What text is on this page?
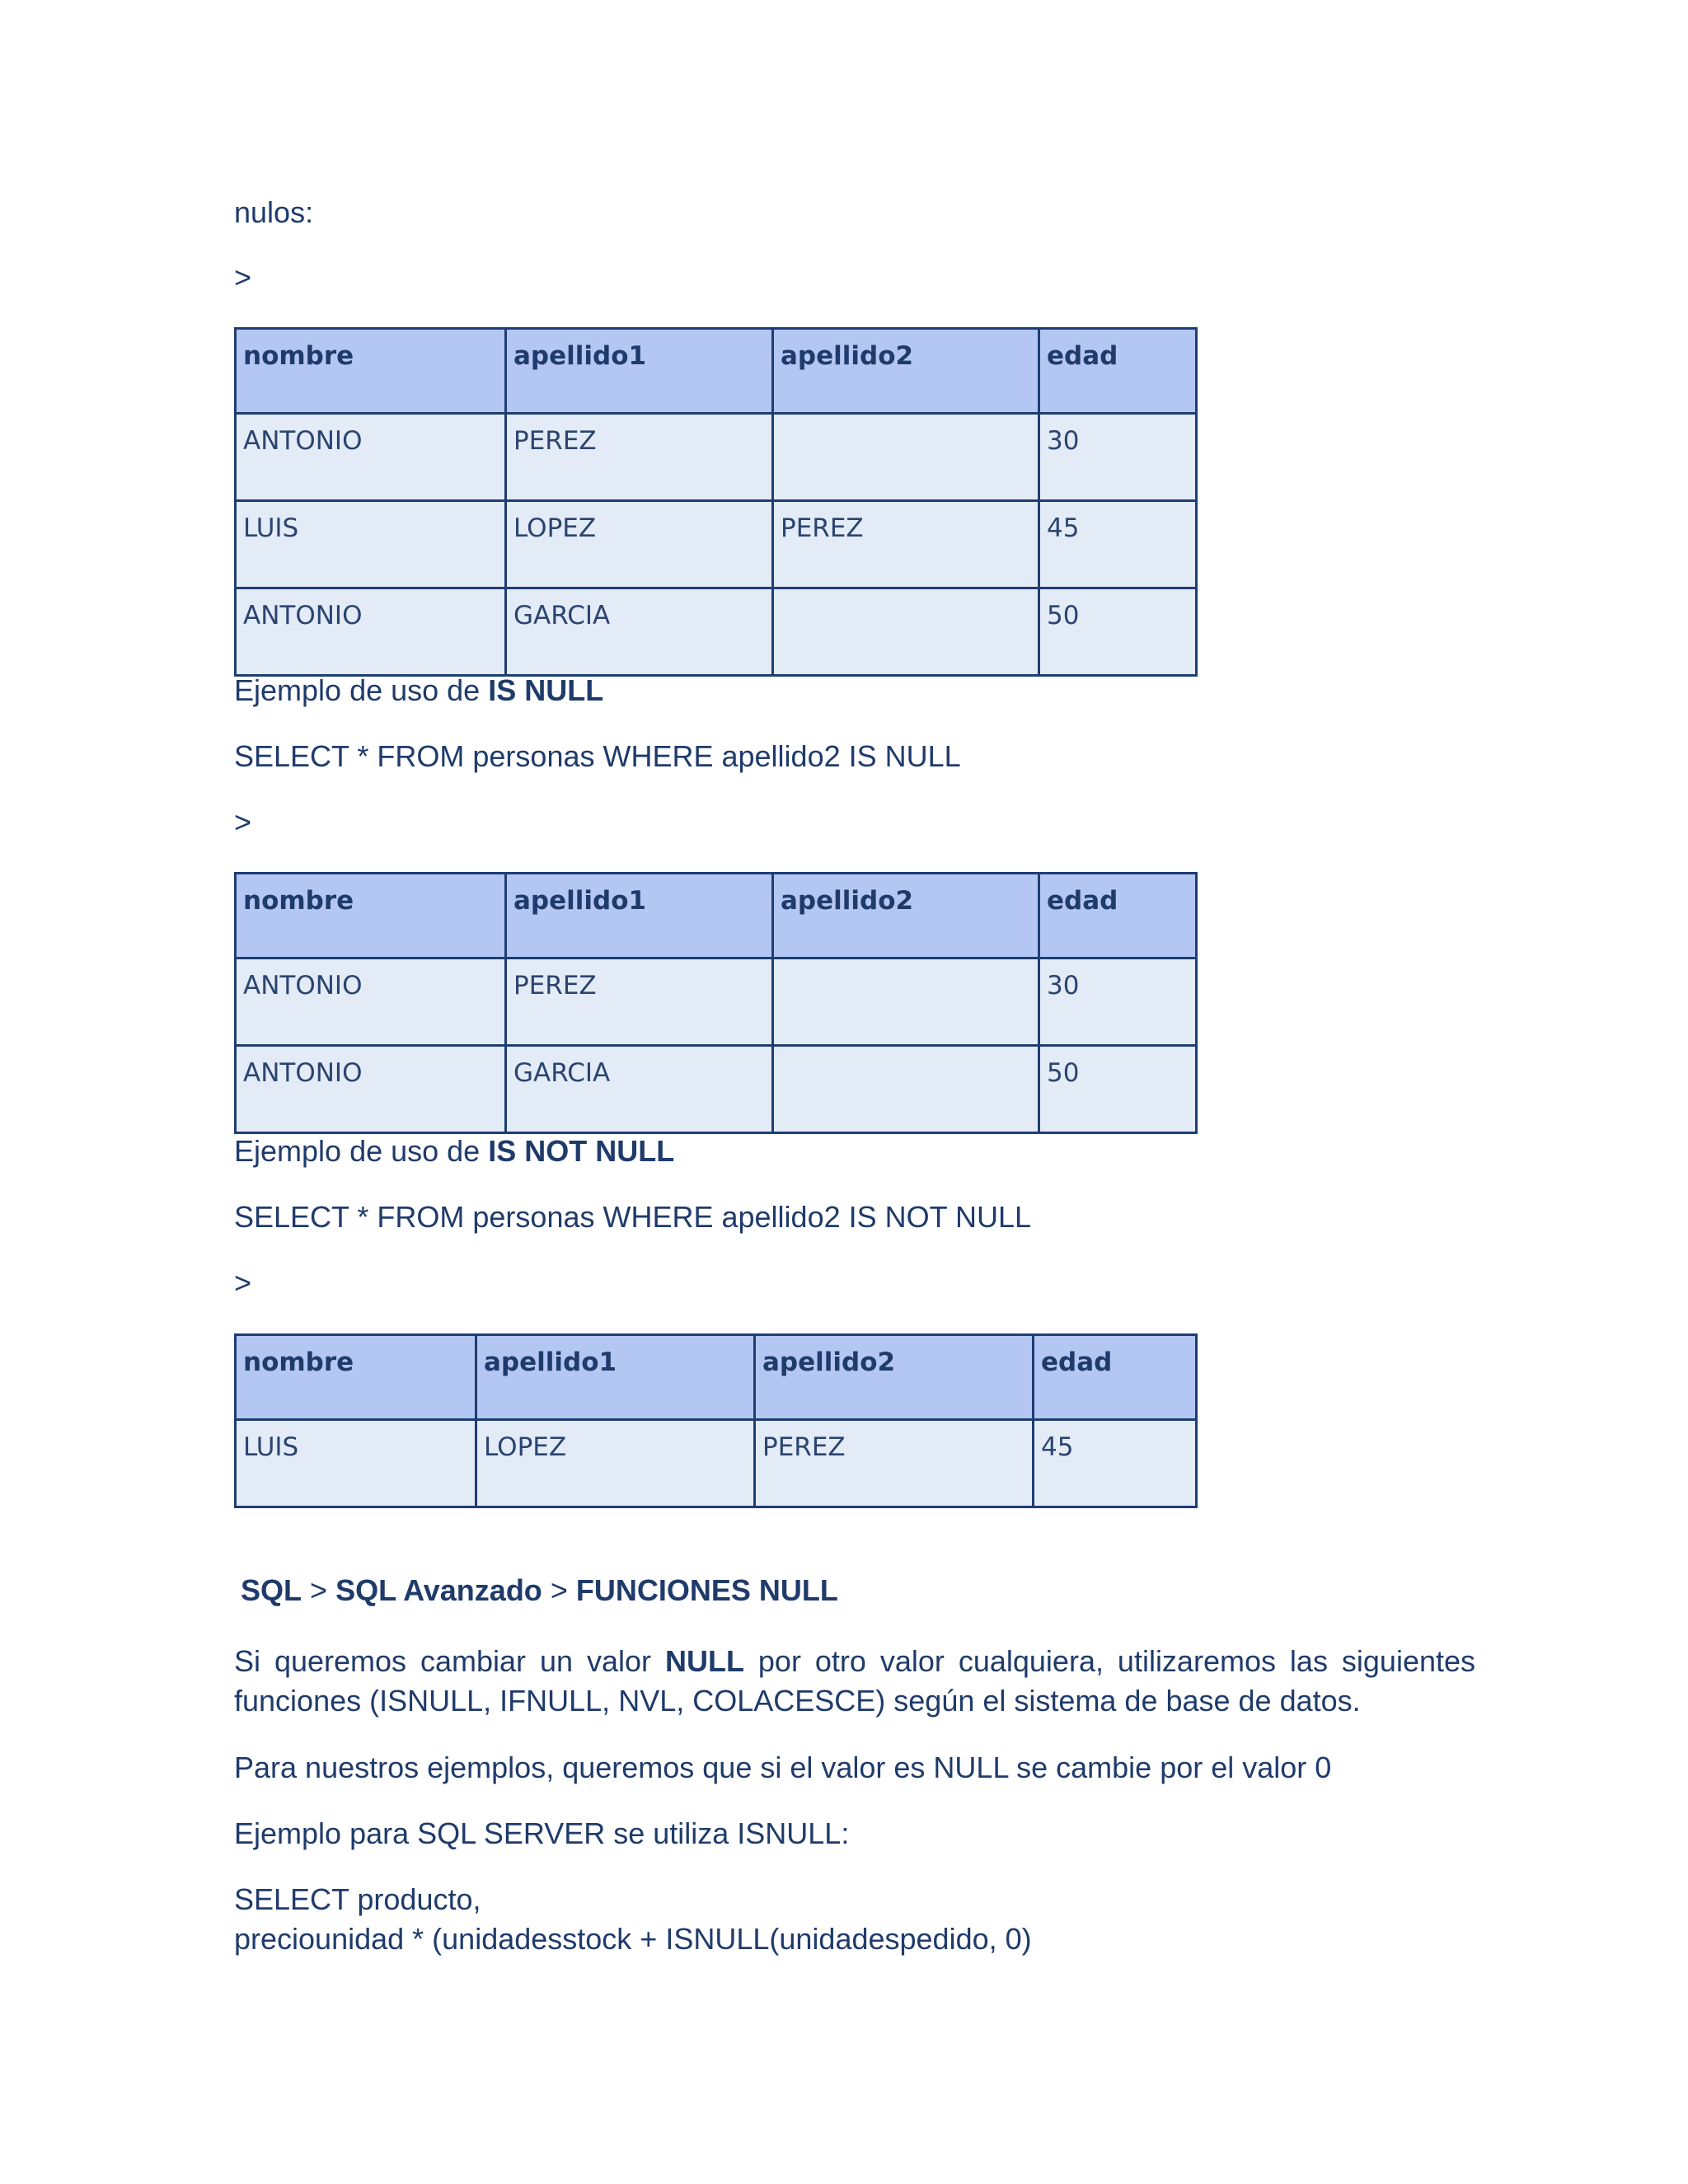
nulos:
>
nombre	apellido1	apellido2	edad
ANTONIO	PEREZ		30
LUIS	LOPEZ	PEREZ	45
ANTONIO	GARCIA		50
Ejemplo de uso de IS NULL
SELECT * FROM personas WHERE apellido2 IS NULL
>
nombre	apellido1	apellido2	edad
ANTONIO	PEREZ		30
ANTONIO	GARCIA		50
Ejemplo de uso de IS NOT NULL
SELECT * FROM personas WHERE apellido2 IS NOT NULL
>
nombre	apellido1	apellido2	edad
LUIS	LOPEZ	PEREZ	45
SQL > SQL Avanzado > FUNCIONES NULL
Si queremos cambiar un valor NULL por otro valor cualquiera, utilizaremos las siguientes funciones (ISNULL, IFNULL, NVL, COLACESCE) según el sistema de base de datos.
Para nuestros ejemplos, queremos que si el valor es NULL se cambie por el valor 0
Ejemplo para SQL SERVER se utiliza ISNULL:
SELECT producto,
preciounidad * (unidadesstock + ISNULL(unidadespedido, 0)
